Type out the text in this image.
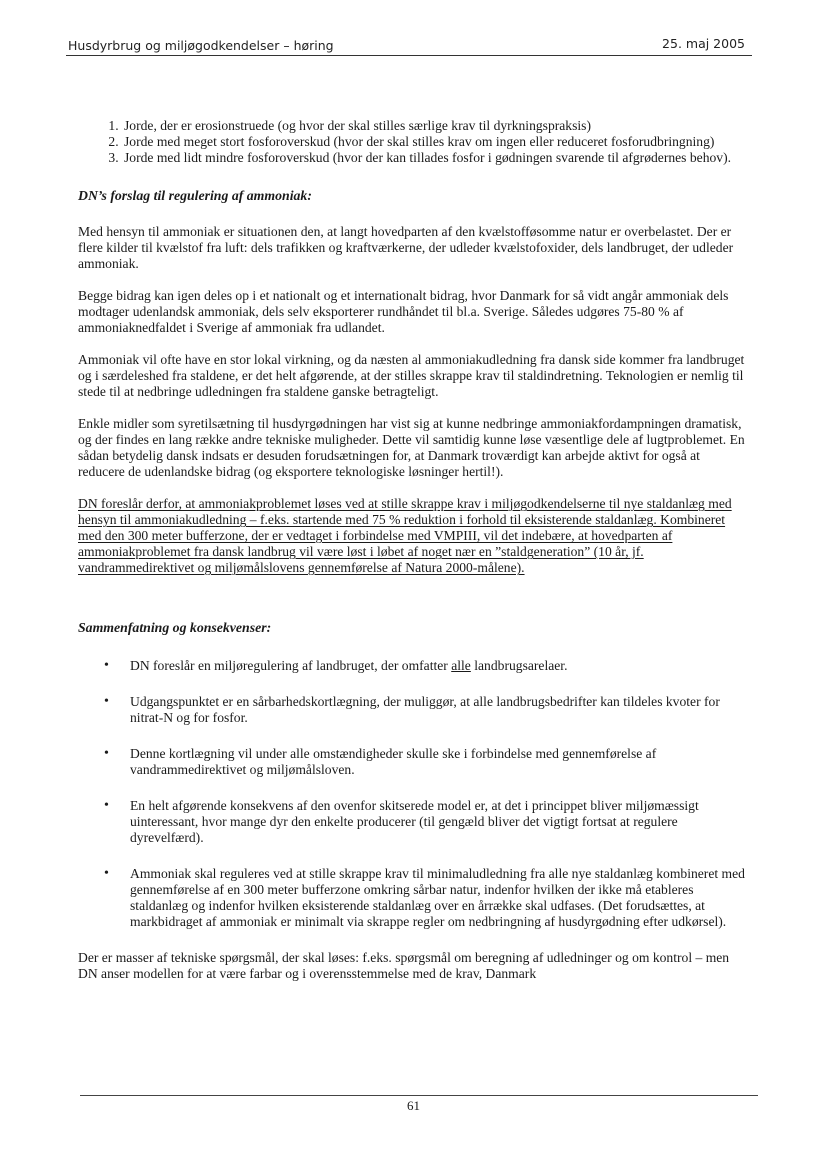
Husdyrbrug og miljøgodkendelser – høring	25. maj 2005
1. Jorde, der er erosionstruede (og hvor der skal stilles særlige krav til dyrkningspraksis)
2. Jorde med meget stort fosforoverskud (hvor der skal stilles krav om ingen eller reduceret fosforudbringning)
3. Jorde med lidt mindre fosforoverskud (hvor der kan tillades fosfor i gødningen svarende til afgrødernes behov).
DN’s forslag til regulering af ammoniak:

Med hensyn til ammoniak er situationen den, at langt hovedparten af den kvælstofføsomme natur er overbelastet. Der er flere kilder til kvælstof fra luft: dels trafikken og kraftværkerne, der udleder kvælstofoxider, dels landbruget, der udleder ammoniak.

Begge bidrag kan igen deles op i et nationalt og et internationalt bidrag, hvor Danmark for så vidt angår ammoniak dels modtager udenlandsk ammoniak, dels selv eksporterer rundhåndet til bl.a. Sverige. Således udgøres 75-80 % af ammoniaknedfaldet i Sverige af ammoniak fra udlandet.

Ammoniak vil ofte have en stor lokal virkning, og da næsten al ammoniakudledning fra dansk side kommer fra landbruget og i særdeleshed fra staldene, er det helt afgørende, at der stilles skrappe krav til staldindretning. Teknologien er nemlig til stede til at nedbringe udledningen fra staldene ganske betragteligt.

Enkle midler som syretilsætning til husdyrgødningen har vist sig at kunne nedbringe ammoniakfordampningen dramatisk, og der findes en lang række andre tekniske muligheder. Dette vil samtidig kunne løse væsentlige dele af lugtproblemet. En sådan betydelig dansk indsats er desuden forudsætningen for, at Danmark troværdigt kan arbejde aktivt for også at reducere de udenlandske bidrag (og eksportere teknologiske løsninger hertil!).

DN foreslår derfor, at ammoniakproblemet løses ved at stille skrappe krav i miljøgodkendelserne til nye staldanlæg med hensyn til ammoniakudledning – f.eks. startende med 75 % reduktion i forhold til eksisterende staldanlæg. Kombineret med den 300 meter bufferzone, der er vedtaget i forbindelse med VMPIII, vil det indebære, at hovedparten af ammoniakproblemet fra dansk landbrug vil være løst i løbet af noget nær en ”staldgeneration” (10 år, jf. vandrammedirektivet og miljømålslovens gennemførelse af Natura 2000-målene).

Sammenfatning og konsekvenser:
• DN foreslår en miljøregulering af landbruget, der omfatter alle landbrugsarelaer.
• Udgangspunktet er en sårbarhedskortlægning, der muliggør, at alle landbrugsbedrifter kan tildeles kvoter for nitrat-N og for fosfor.
• Denne kortlægning vil under alle omstændigheder skulle ske i forbindelse med gennemførelse af vandrammedirektivet og miljømålsloven.
• En helt afgørende konsekvens af den ovenfor skitserede model er, at det i princippet bliver miljømæssigt uinteressant, hvor mange dyr den enkelte producerer (til gengæld bliver det vigtigt fortsat at regulere dyrevelfærd).
• Ammoniak skal reguleres ved at stille skrappe krav til minimaludledning fra alle nye staldanlæg kombineret med gennemførelse af en 300 meter bufferzone omkring sårbar natur, indenfor hvilken der ikke må etableres staldanlæg og indenfor hvilken eksisterende staldanlæg over en årrække skal udfases. (Det forudsættes, at markbidraget af ammoniak er minimalt via skrappe regler om nedbringning af husdyrgødning efter udkørsel).

Der er masser af tekniske spørgsmål, der skal løses: f.eks. spørgsmål om beregning af udledninger og om kontrol – men DN anser modellen for at være farbar og i overensstemmelse med de krav, Danmark

61
